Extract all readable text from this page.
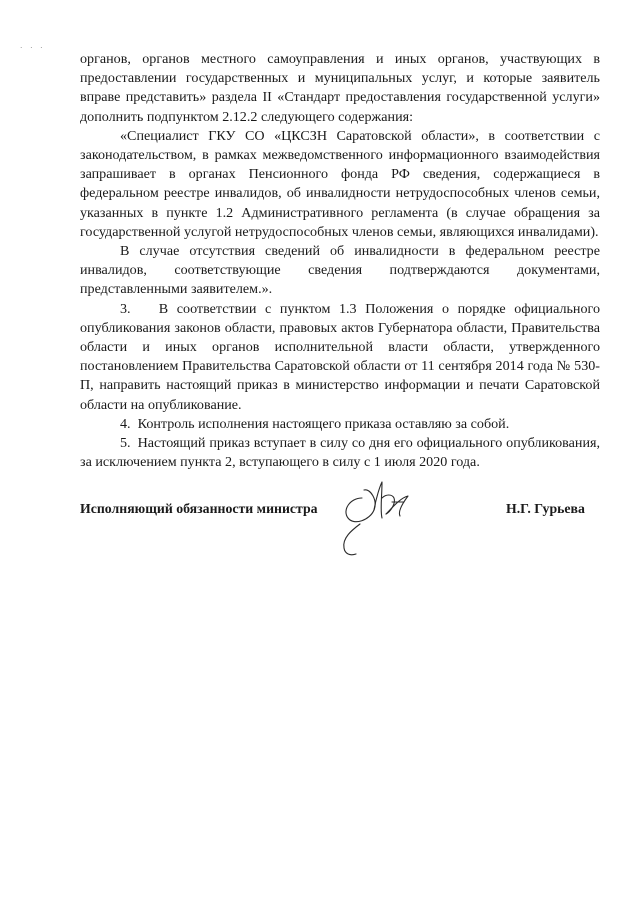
· · ·

органов, органов местного самоуправления и иных органов, участвующих в предоставлении государственных и муниципальных услуг, и которые заявитель вправе представить» раздела II «Стандарт предоставления государственной услуги» дополнить подпунктом 2.12.2 следующего содержания:

«Специалист ГКУ СО «ЦКСЗН Саратовской области», в соответствии с законодательством, в рамках межведомственного информационного взаимодействия запрашивает в органах Пенсионного фонда РФ сведения, содержащиеся в федеральном реестре инвалидов, об инвалидности нетрудоспособных членов семьи, указанных в пункте 1.2 Административного регламента (в случае обращения за государственной услугой нетрудоспособных членов семьи, являющихся инвалидами).

В случае отсутствия сведений об инвалидности в федеральном реестре инвалидов, соответствующие сведения подтверждаются документами, представленными заявителем.».

3.  В соответствии с пунктом 1.3 Положения о порядке официального опубликования законов области, правовых актов Губернатора области, Правительства области и иных органов исполнительной власти области, утвержденного постановлением Правительства Саратовской области от 11 сентября 2014 года № 530-П, направить настоящий приказ в министерство информации и печати Саратовской области на опубликование.

4. Контроль исполнения настоящего приказа оставляю за собой.

5. Настоящий приказ вступает в силу со дня его официального опубликования, за исключением пункта 2, вступающего в силу с 1 июля 2020 года.

Исполняющий обязанности министра	Н.Г. Гурьева
